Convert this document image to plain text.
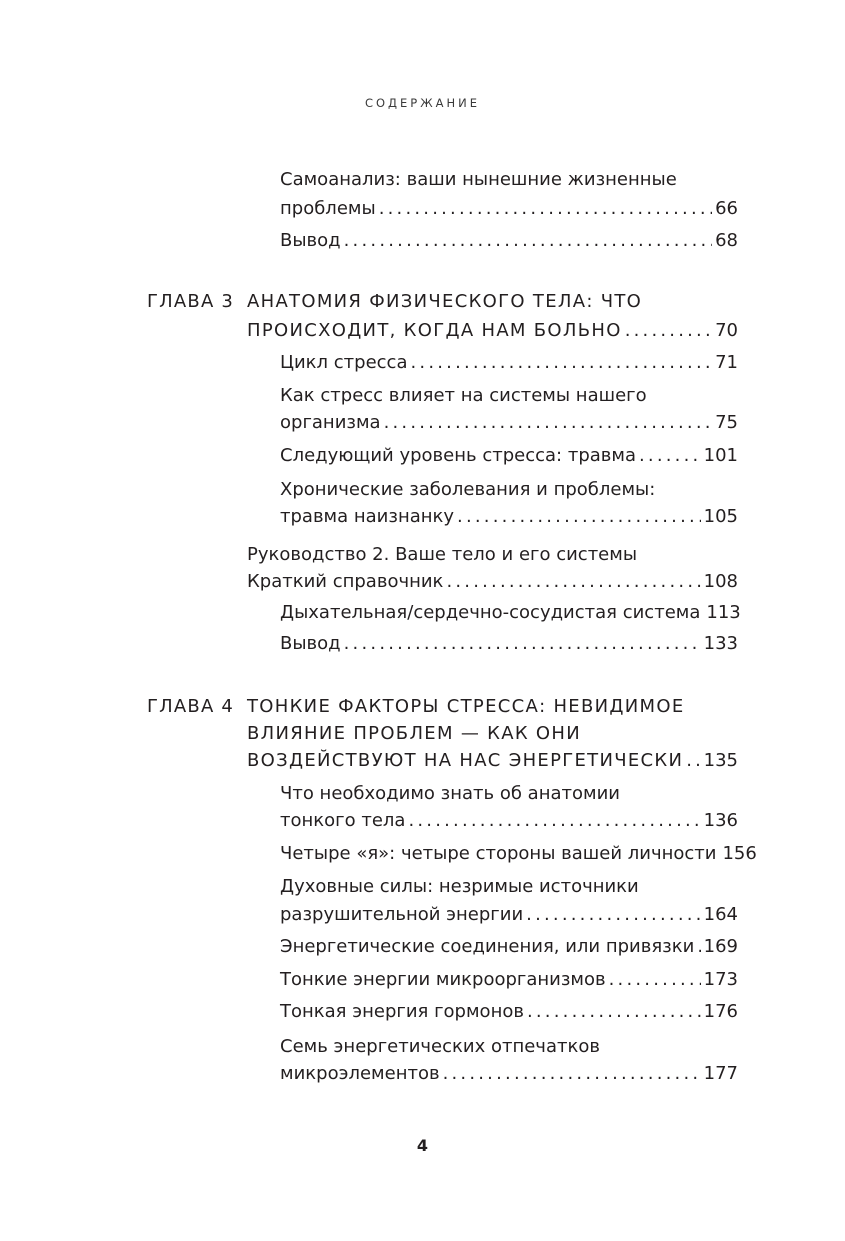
СОДЕРЖАНИЕ
Самоанализ: ваши нынешние жизненные
проблемы .....	66
Вывод .....	68
ГЛАВА 3 АНАТОМИЯ ФИЗИЧЕСКОГО ТЕЛА: ЧТО
ПРОИСХОДИТ, КОГДА НАМ БОЛЬНО .....	70
Цикл стресса .....	71
Как стресс влияет на системы нашего
организма .....	75
Следующий уровень стресса: травма .....	101
Хронические заболевания и проблемы:
травма наизнанку .....	105
Руководство 2. Ваше тело и его системы
Краткий справочник .....	108
Дыхательная/сердечно-сосудистая система 113
Вывод .....	133
ГЛАВА 4 ТОНКИЕ ФАКТОРЫ СТРЕССА: НЕВИДИМОЕ
ВЛИЯНИЕ ПРОБЛЕМ — КАК ОНИ
ВОЗДЕЙСТВУЮТ НА НАС ЭНЕРГЕТИЧЕСКИ ..... 135
Что необходимо знать об анатомии
тонкого тела .....	136
Четыре «я»: четыре стороны вашей личности 156
Духовные силы: незримые источники
разрушительной энергии .....	164
Энергетические соединения, или привязки ..... 169
Тонкие энергии микроорганизмов .....	173
Тонкая энергия гормонов .....	176
Семь энергетических отпечатков
микроэлементов .....	177
4
